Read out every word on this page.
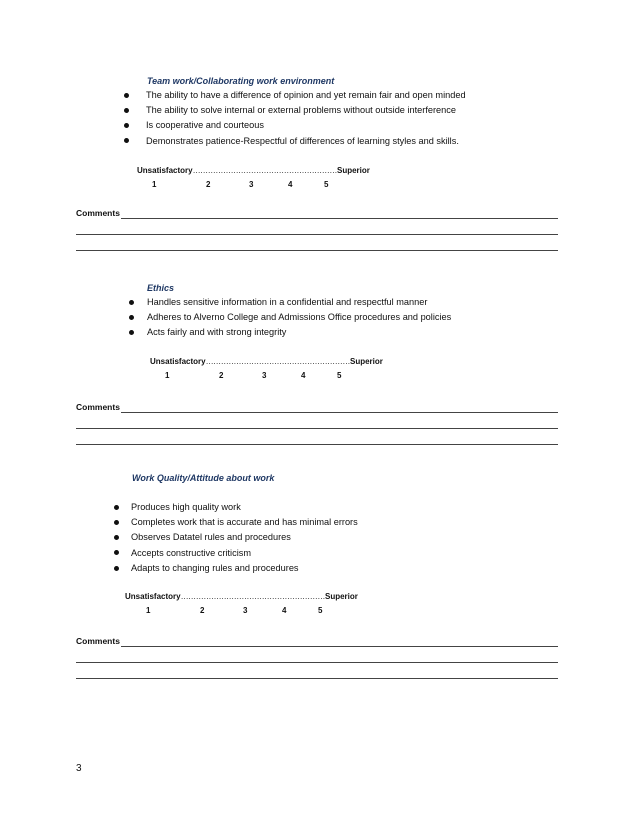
Team work/Collaborating work environment
The ability to have a difference of opinion and yet remain fair and open minded
The ability to solve internal or external problems without outside interference
Is cooperative and courteous
Demonstrates patience-Respectful of differences of learning styles and skills.
Unsatisfactory…………………………………………………Superior
1	2	3	4	5
Comments
Ethics
Handles sensitive information in a confidential and respectful manner
Adheres to Alverno College and Admissions Office procedures and policies
Acts fairly and with strong integrity
Unsatisfactory…………………………………………………Superior
1	2	3	4	5
Comments
Work Quality/Attitude about work
Produces high quality work
Completes work that is accurate and has minimal errors
Observes Datatel rules and procedures
Accepts constructive criticism
Adapts to changing rules and procedures
Unsatisfactory…………………………………………………Superior
1	2	3	4	5
Comments
3
